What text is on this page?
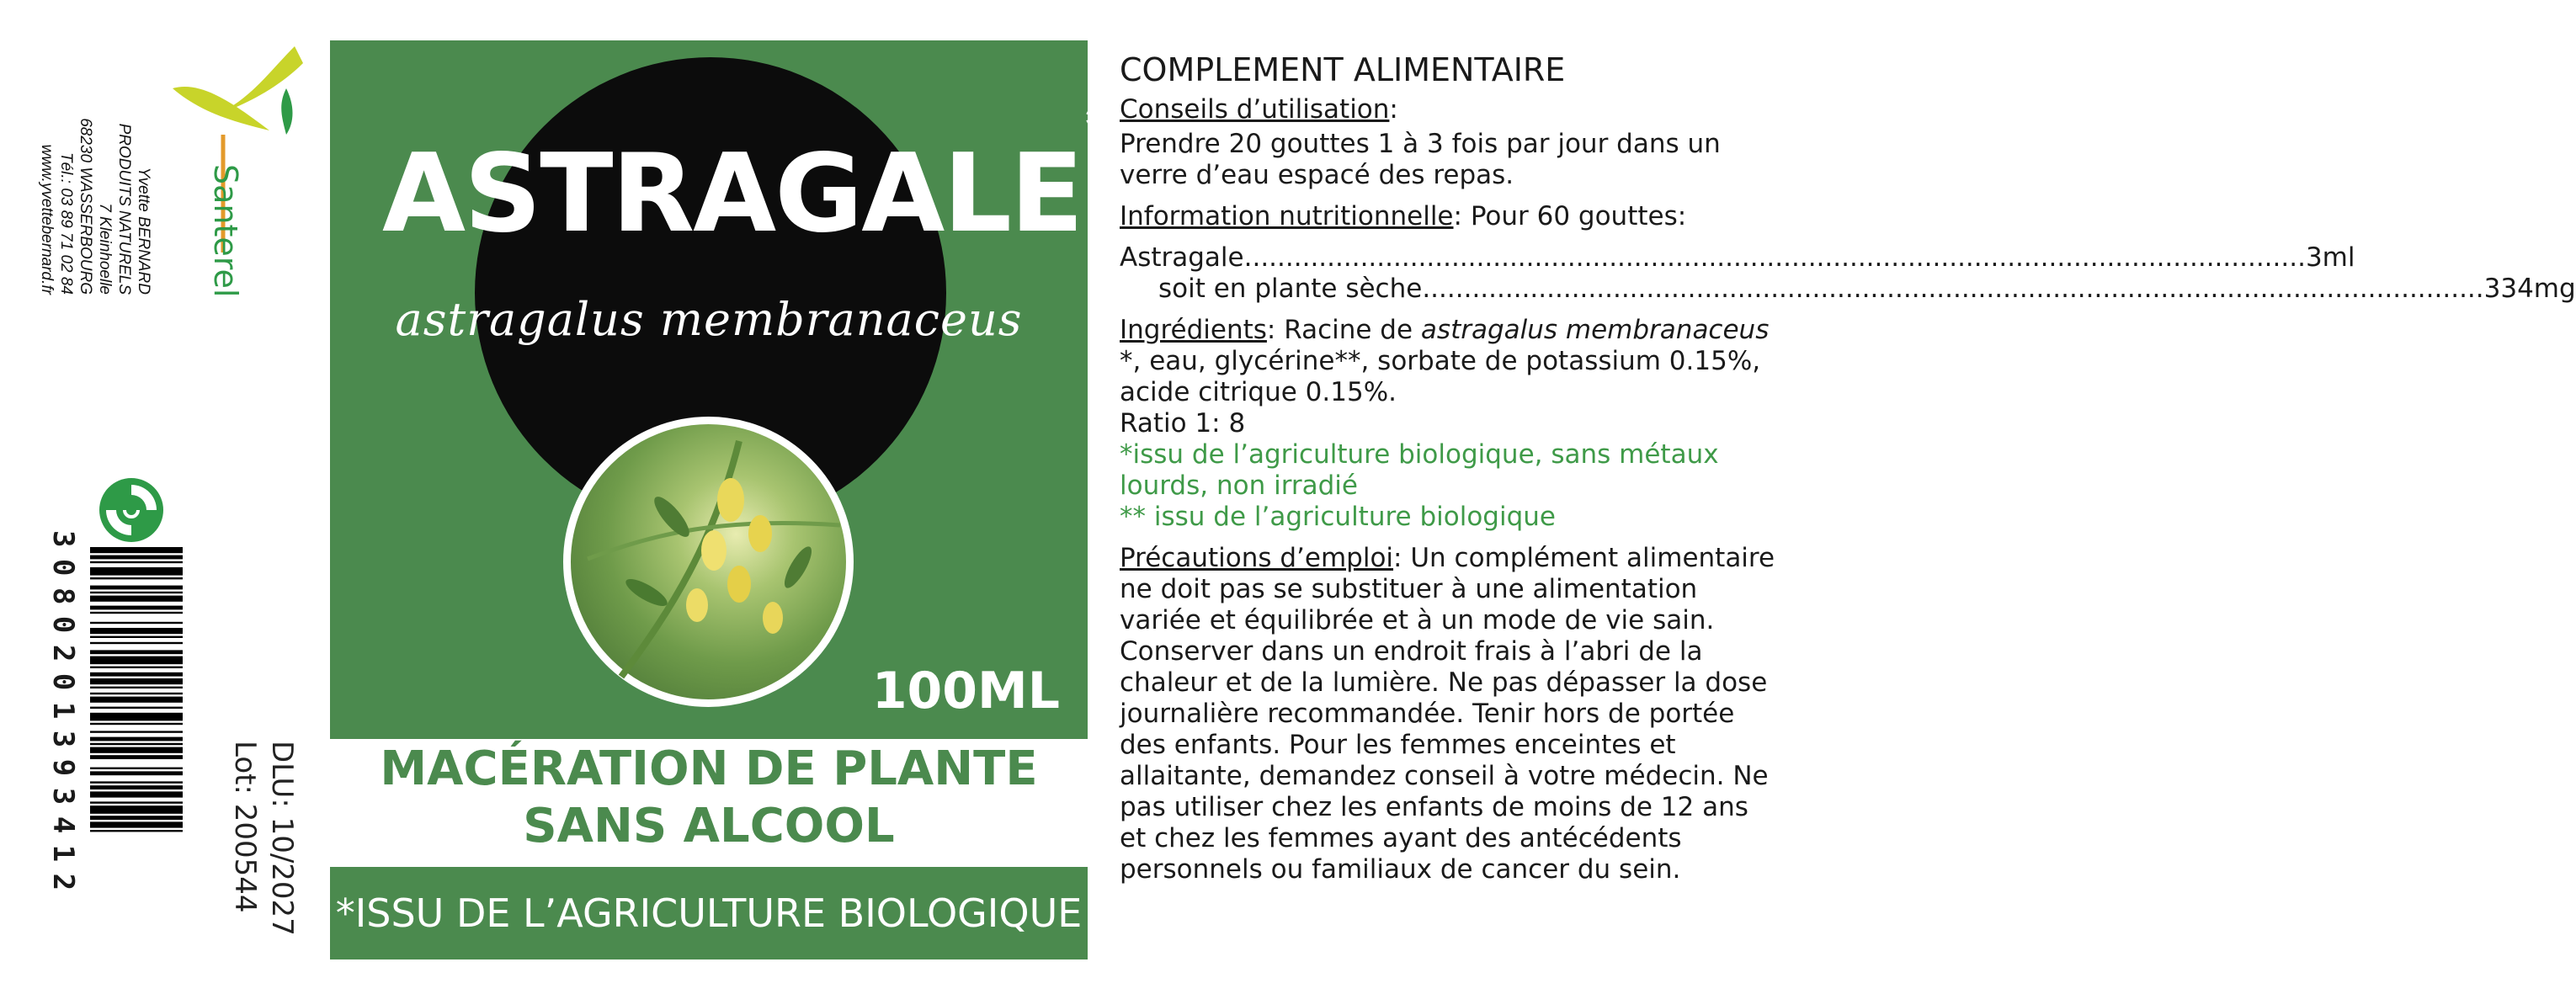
Yvette BERNARD
PRODUITS NATURELS
7 Kleinhoelle
68230 WASSERBOURG
Tél.: 03 89 71 02 84
www.yvettebernard.fr	Santerel
3080201393412	DLU: 10/2027
Lot: 200544
ASTRAGALE*
astragalus membranaceus
100ML
MACÉRATION DE PLANTE
SANS ALCOOL
*ISSU DE L’AGRICULTURE BIOLOGIQUE

COMPLEMENT ALIMENTAIRE

Conseils d’utilisation:

Prendre 20 gouttes 1 à 3 fois par jour dans un verre d’eau espacé des repas.

Information nutritionnelle: Pour 60 gouttes:

Astragale .....	3ml
soit en plante sèche .....	334mg

Ingrédients: Racine de astragalus membranaceus *, eau, glycérine**, sorbate de potassium 0.15%, acide citrique 0.15%.

Ratio 1: 8

*issu de l’agriculture biologique, sans métaux lourds, non irradié

** issu de l’agriculture biologique

Précautions d’emploi: Un complément alimentaire ne doit pas se substituer à une alimentation variée et équilibrée et à un mode de vie sain. Conserver dans un endroit frais à l’abri de la chaleur et de la lumière. Ne pas dépasser la dose journalière recommandée. Tenir hors de portée des enfants. Pour les femmes enceintes et allaitante, demandez conseil à votre médecin. Ne pas utiliser chez les enfants de moins de 12 ans et chez les femmes ayant des antécédents personnels ou familiaux de cancer du sein.
